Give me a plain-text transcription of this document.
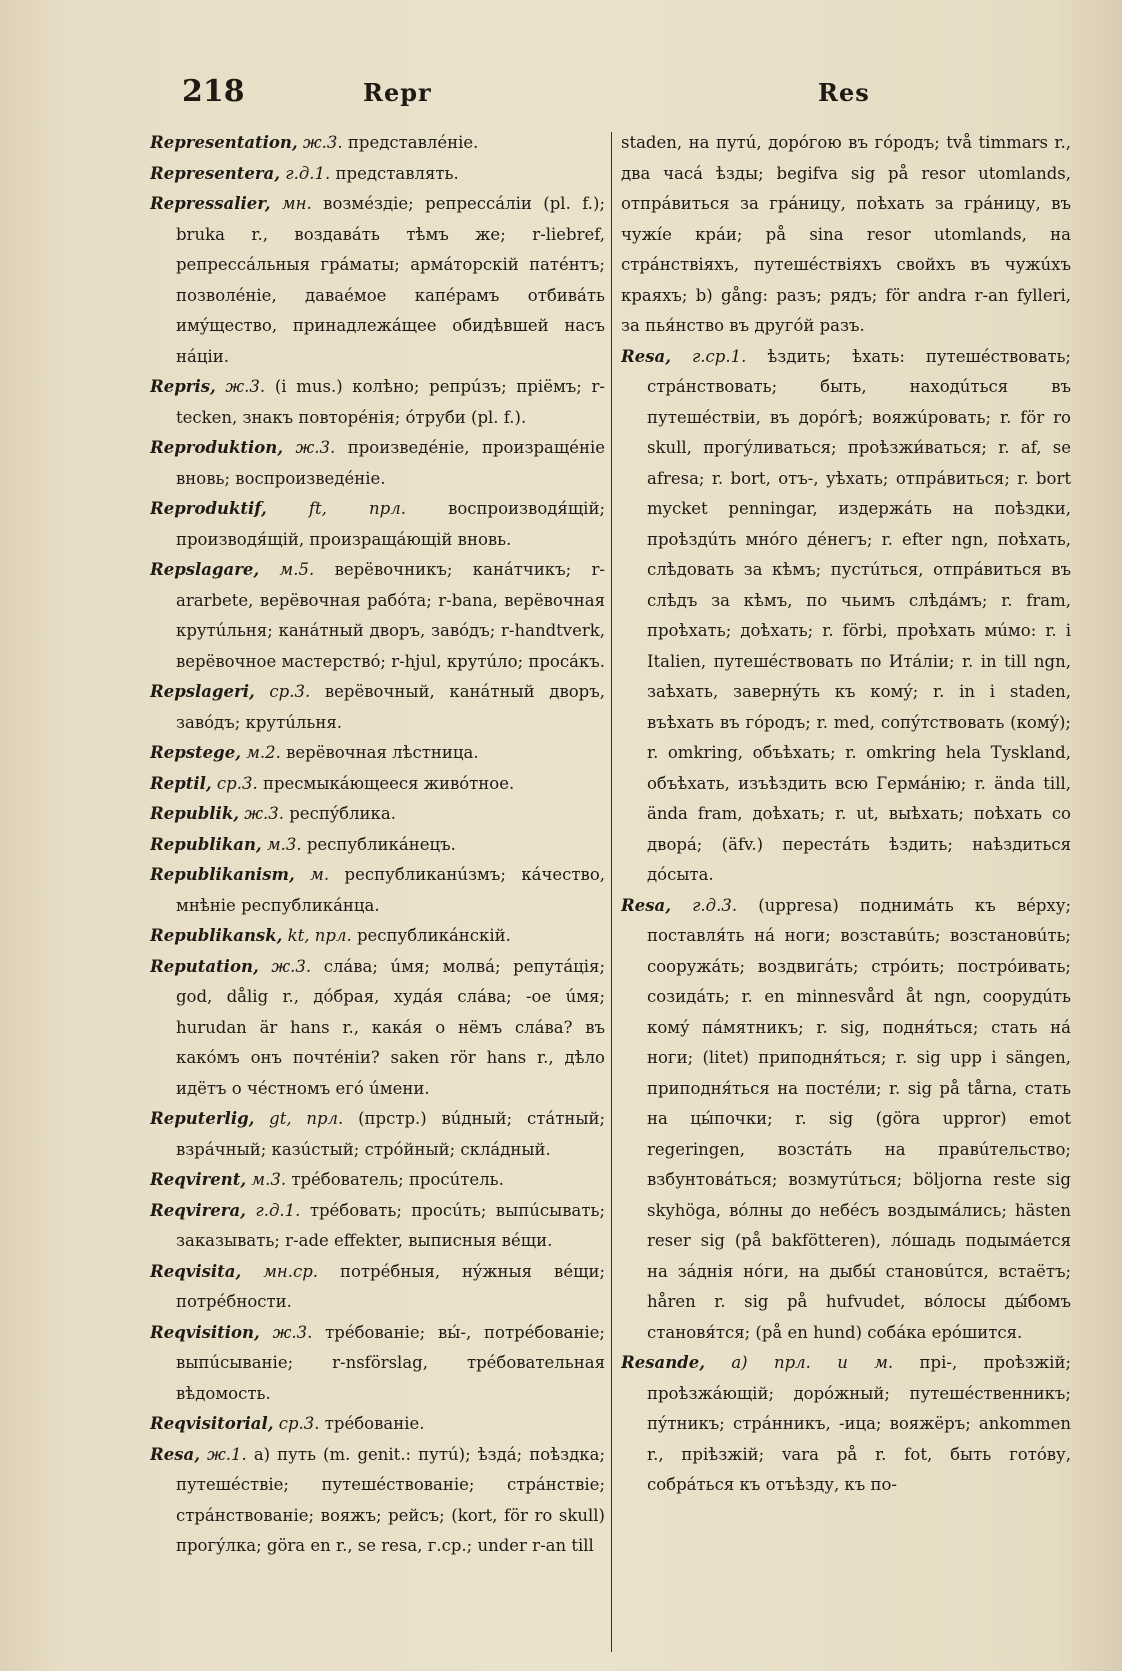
218	Repr	Res

Representation, ж.3. представлéніе.

Representera, г.д.1. представлять.

Repressalier, мн. возмéздіе; репрессáліи (pl. f.); bruka r., воздавáть тѣмъ же; r-liebref, репрессáльныя грáматы; армáторскій патéнтъ; позволéніе, даваéмое капéрамъ отбивáть имýщество, принадлежáщее обидѣвшей насъ нáціи.

Repris, ж.3. (i mus.) колѣно; репрúзъ; пріёмъ; r-tecken, знакъ повторéнія; óтруби (pl. f.).

Reproduktion, ж.3. произведéніе, произращéніе вновь; воспроизведéніе.

Reproduktif,	ft, прл.	воспроизводя́щій; производя́щій, произращáющій вновь.

Repslagare, м.5. верёвочникъ; канáтчикъ; r-ararbete, верёвочная рабóта; r-bana, верёвочная крутúльня; канáтный дворъ, завóдъ; r-handtverk, верёвочное мастерствó; r-hjul, крутúло; просáкъ.

Repslageri, ср.3. верёвочный, канáтный дворъ, завóдъ; крутúльня.

Repstege, м.2. верёвочная лѣстница.

Reptil, ср.3. пресмыкáющееся живóтное.

Republik, ж.3. респýблика.

Republikan, м.3. республикáнецъ.

Republikanism, м. республиканúзмъ; кáчество, мнѣніе республикáнца.

Republikansk, kt, прл. республикáнскій.

Reputation, ж.3. слáва; úмя; молвá; репутáція; god, dålig r., дóбрая, худáя слáва; -ое úмя; hurudan är hans r., какáя о нёмъ слáва? въ какóмъ онъ почтéніи? saken rör hans r., дѣло идётъ о чéстномъ егó úмени.

Reputerlig, gt, прл. (прстр.) вúдный; стáтный; взрáчный; казúстый; стрóйный; склáдный.

Reqvirent, м.3. трéбователь; просúтель.

Reqvirera, г.д.1. трéбовать; просúть; выпúсывать; заказывать; r-ade effekter, выписныя вéщи.

Reqvisita, мн.ср. потрéбныя, нýжныя вéщи; потрéбности.

Reqvisition, ж.3. трéбованіе; вы́-, потрéбованіе; выпúсываніе; r-nsförslag, трéбовательная вѣдомость.

Reqvisitorial, ср.3. трéбованіе.

Resa, ж.1. а) путь (m. genit.: путú); ѣздá; поѣздка; путешéствіе; путешéствованіе; стрáнствіе; стрáнствованіе; вояжъ; рейсъ; (kort, för ro skull) прогýлка; göra en r., se resa, г.ср.; under r-an till

staden, на путú, дорóгою въ гóродъ; två timmars r., два часá ѣзды; begifva sig på resor utomlands, отпрáвиться за грáницу, поѣхать за грáницу, въ чужíе крáи; på sina resor utomlands, на стрáнствіяхъ, путешéствіяхъ свойхъ въ чужúхъ краяхъ; b) gång: разъ; рядъ; för andra r-an fylleri, за пья́нство въ другóй разъ.

Resa, г.ср.1. ѣздить; ѣхать: путешéствовать; стрáнствовать; быть, находúться въ путешéствіи, въ дорóгѣ; вояжúровать; r. för ro skull, прогýливаться; проѣзжи́ваться; r. af, se afresa; r. bort, отъ-, уѣхать; отпрáвиться; r. bort mycket penningar, издержáть на поѣздки, проѣздúть мнóго дéнегъ; r. efter ngn, поѣхать, слѣдовать за кѣмъ; пустúться, отпрáвиться въ слѣдъ за кѣмъ, по чьимъ слѣдáмъ; r. fram, проѣхать; доѣхать; r. förbi, проѣхать мúмо: r. i Italien, путешéствовать по Итáліи; r. in till ngn, заѣхать, завернýть къ комý; r. in i staden, въѣхать въ гóродъ; r. med, сопýтствовать (комý); r. omkring, объѣхать; r. omkring hela Tyskland, объѣхать, изъѣздить всю Гермáнію; r. ända till, ända fram, доѣхать; r. ut, выѣхать; поѣхать со дворá; (äfv.) перестáть ѣздить; наѣздиться дóсыта.

Resa, г.д.3. (uppresa) поднимáть къ вéрху; поставля́ть нá ноги; возставúть; возстановúть; сооружáть; воздвигáть; стрóить; пострóивать; созидáть; r. en minnesvård åt ngn, соорудúть комý пáмятникъ; r. sig, подня́ться; стать нá ноги; (litet) приподня́ться; r. sig upp i sängen, приподня́ться на постéли; r. sig på tårna, стать на цы́почки; r. sig (göra uppror) emot regeringen, возстáть на правúтельство; взбунтовáться; возмутúться; böljorna reste sig skyhöga, вóлны до небéсъ воздымáлись; hästen reser sig (på bakfötteren), лóшадь подымáется на зáднія нóги, на дыбы́ становúтся, встаётъ; håren r. sig på hufvudet, вóлосы ды́бомъ становя́тся; (på en hund) собáка ерóшится.

Resande, а) прл. и м. прі-, проѣзжій; проѣзжáющій; дорóжный; путешéственникъ; пýтникъ; стрáнникъ, -ица; вояжëръ; ankommen r., пріѣзжій; vara på r. fot, быть готóву, собрáться къ отъѣзду, къ по-
